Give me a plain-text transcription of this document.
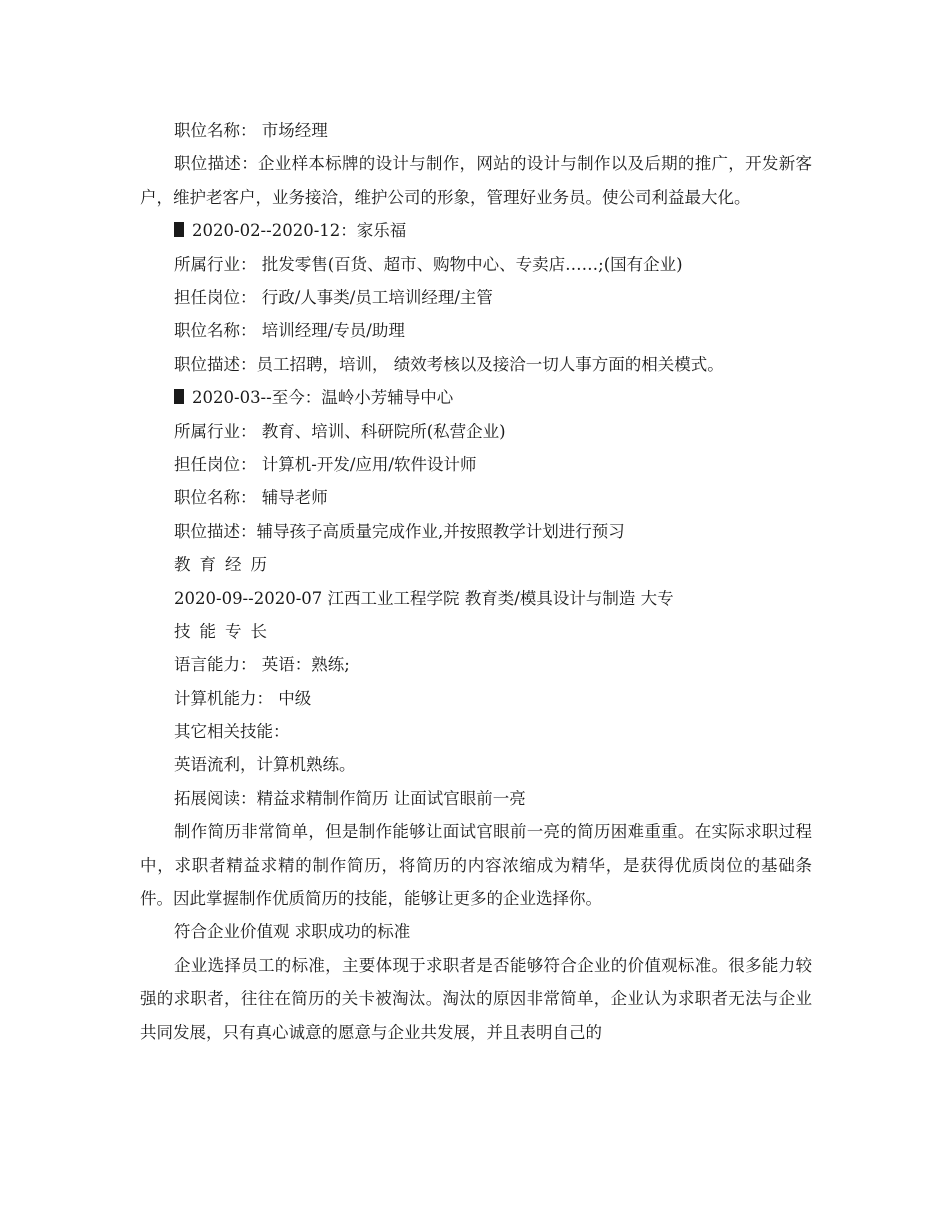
职位名称： 市场经理
职位描述：企业样本标牌的设计与制作，网站的设计与制作以及后期的推广，开发新客户，维护老客户，业务接洽，维护公司的形象，管理好业务员。使公司利益最大化。
2020-02--2020-12：家乐福
所属行业： 批发零售(百货、超市、购物中心、专卖店……;(国有企业)
担任岗位： 行政/人事类/员工培训经理/主管
职位名称： 培训经理/专员/助理
职位描述：员工招聘，培训， 绩效考核以及接洽一切人事方面的相关模式。
2020-03--至今：温岭小芳辅导中心
所属行业： 教育、培训、科研院所(私营企业)
担任岗位： 计算机-开发/应用/软件设计师
职位名称： 辅导老师
职位描述：辅导孩子高质量完成作业,并按照教学计划进行预习
教育经历
2020-09--2020-07 江西工业工程学院 教育类/模具设计与制造 大专
技能专长
语言能力： 英语：熟练;
计算机能力： 中级
其它相关技能：
英语流利，计算机熟练。
拓展阅读：精益求精制作简历 让面试官眼前一亮
制作简历非常简单，但是制作能够让面试官眼前一亮的简历困难重重。在实际求职过程中，求职者精益求精的制作简历，将简历的内容浓缩成为精华，是获得优质岗位的基础条件。因此掌握制作优质简历的技能，能够让更多的企业选择你。
符合企业价值观 求职成功的标准
企业选择员工的标准，主要体现于求职者是否能够符合企业的价值观标准。很多能力较强的求职者，往往在简历的关卡被淘汰。淘汰的原因非常简单，企业认为求职者无法与企业共同发展，只有真心诚意的愿意与企业共发展，并且表明自己的
